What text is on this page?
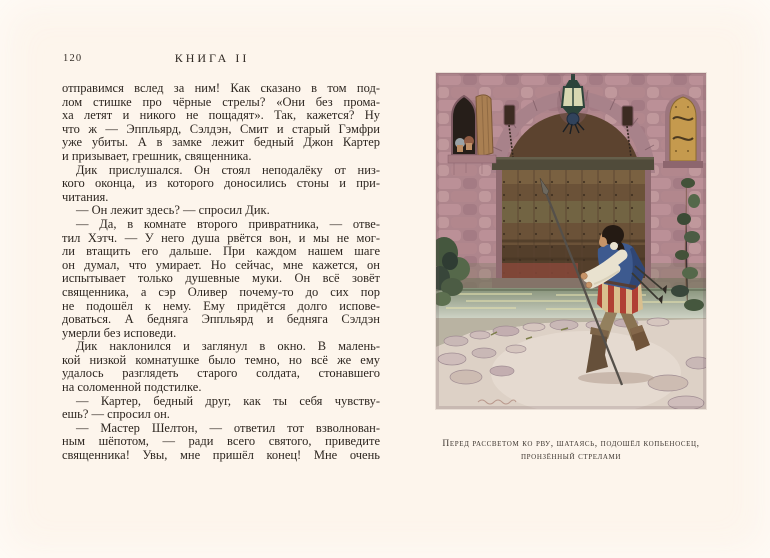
120	КНИГА II
отправимся вслед за ним! Как сказано в том под-
лом стишке про чёрные стрелы? «Они без прома-
ха летят и никого не пощадят». Так, кажется? Ну
что ж — Эппльярд, Сэлдэн, Смит и старый Гэмфри
уже убиты. А в замке лежит бедный Джон Картер
и призывает, грешник, священника.
Дик прислушался. Он стоял неподалёку от низ-
кого оконца, из которого доносились стоны и при-
читания.
— Он лежит здесь? — спросил Дик.
— Да, в комнате второго привратника, — отве-
тил Хэтч. — У него душа рвётся вон, и мы не мог-
ли втащить его дальше. При каждом нашем шаге
он думал, что умирает. Но сейчас, мне кажется, он
испытывает только душевные муки. Он всё зовёт
священника, а сэр Оливер почему-то до сих пор
не подошёл к нему. Ему придётся долго испове-
доваться. А бедняга Эппльярд и бедняга Сэлдэн
умерли без исповеди.
Дик наклонился и заглянул в окно. В малень-
кой низкой комнатушке было темно, но всё же ему
удалось разглядеть старого солдата, стонавшего
на соломенной подстилке.
— Картер, бедный друг, как ты себя чувству-
ешь? — спросил он.
— Мастер Шелтон, — ответил тот взволнован-
ным шёпотом, — ради всего святого, приведите
священника! Увы, мне пришёл конец! Мне очень
Перед рассветом ко рву, шатаясь, подошёл копьеносец,
пронзённый стрелами
